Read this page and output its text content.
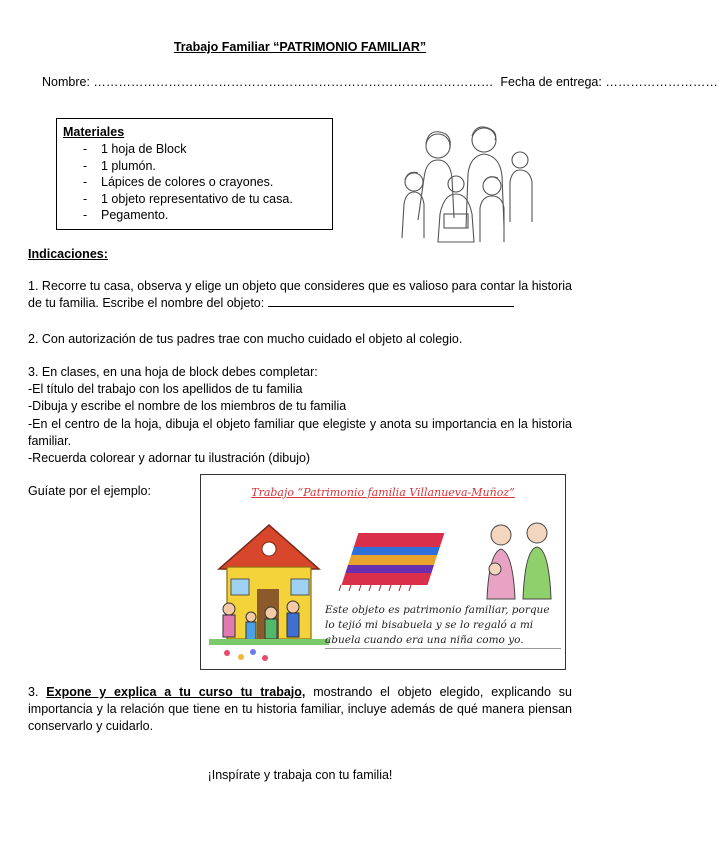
Trabajo Familiar “PATRIMONIO FAMILIAR”
Nombre: …………………………………………………………………………………… Fecha de entrega: ………………………
Materiales
- 1 hoja de Block
- 1 plumón.
- Lápices de colores o crayones.
- 1 objeto representativo de tu casa.
- Pegamento.
Indicaciones:
1. Recorre tu casa, observa y elige un objeto que consideres que es valioso para contar la historia de tu familia. Escribe el nombre del objeto:
2. Con autorización de tus padres trae con mucho cuidado el objeto al colegio.
3. En clases, en una hoja de block debes completar:
-El título del trabajo con los apellidos de tu familia
-Dibuja y escribe el nombre de los miembros de tu familia
-En el centro de la hoja, dibuja el objeto familiar que elegiste y anota su importancia en la historia familiar.
-Recuerda colorear y adornar tu ilustración (dibujo)
Guíate por el ejemplo:	Trabajo “Patrimonio familia Villanueva-Muñoz”
Este objeto es patrimonio familiar, porque lo tejió mi bisabuela y se lo regaló a mi abuela cuando era una niña como yo.
3. Expone y explica a tu curso tu trabajo, mostrando el objeto elegido, explicando su importancia y la relación que tiene en tu historia familiar, incluye además de qué manera piensan conservarlo y cuidarlo.
¡Inspírate y trabaja con tu familia!
